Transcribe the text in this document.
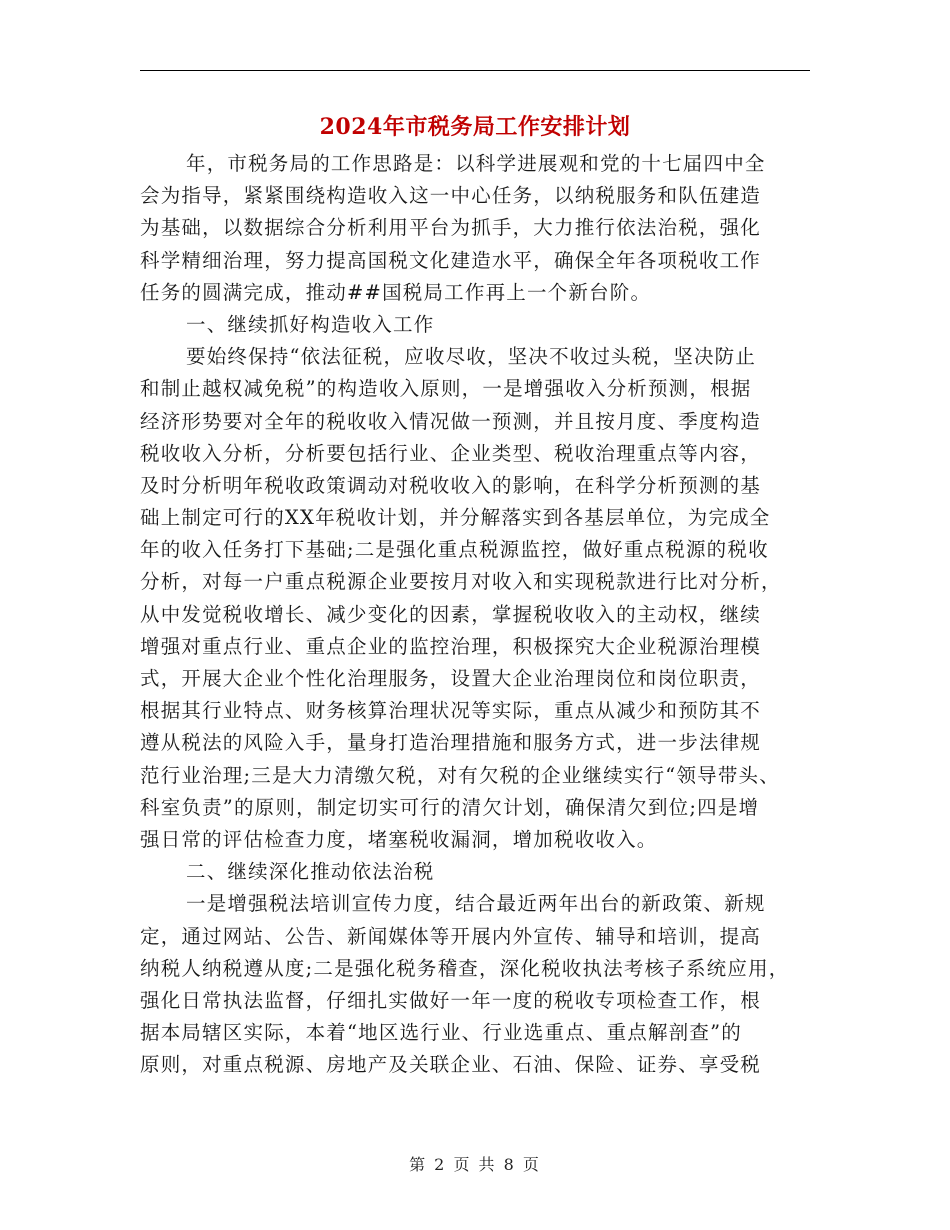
2024年市税务局工作安排计划
年，市税务局的工作思路是：以科学进展观和党的十七届四中全
会为指导，紧紧围绕构造收入这一中心任务，以纳税服务和队伍建造
为基础，以数据综合分析利用平台为抓手，大力推行依法治税，强化
科学精细治理，努力提高国税文化建造水平，确保全年各项税收工作
任务的圆满完成，推动##国税局工作再上一个新台阶。
一、继续抓好构造收入工作
要始终保持“依法征税，应收尽收，坚决不收过头税，坚决防止
和制止越权减免税”的构造收入原则，一是增强收入分析预测，根据
经济形势要对全年的税收收入情况做一预测，并且按月度、季度构造
税收收入分析，分析要包括行业、企业类型、税收治理重点等内容，
及时分析明年税收政策调动对税收收入的影响，在科学分析预测的基
础上制定可行的XX年税收计划，并分解落实到各基层单位，为完成全
年的收入任务打下基础;二是强化重点税源监控，做好重点税源的税收
分析，对每一户重点税源企业要按月对收入和实现税款进行比对分析，
从中发觉税收增长、减少变化的因素，掌握税收收入的主动权，继续
增强对重点行业、重点企业的监控治理，积极探究大企业税源治理模
式，开展大企业个性化治理服务，设置大企业治理岗位和岗位职责，
根据其行业特点、财务核算治理状况等实际，重点从减少和预防其不
遵从税法的风险入手，量身打造治理措施和服务方式，进一步法律规
范行业治理;三是大力清缴欠税，对有欠税的企业继续实行“领导带头、
科室负责”的原则，制定切实可行的清欠计划，确保清欠到位;四是增
强日常的评估检查力度，堵塞税收漏洞，增加税收收入。
二、继续深化推动依法治税
一是增强税法培训宣传力度，结合最近两年出台的新政策、新规
定，通过网站、公告、新闻媒体等开展内外宣传、辅导和培训，提高
纳税人纳税遵从度;二是强化税务稽查，深化税收执法考核子系统应用，
强化日常执法监督，仔细扎实做好一年一度的税收专项检查工作，根
据本局辖区实际，本着“地区选行业、行业选重点、重点解剖查”的
原则，对重点税源、房地产及关联企业、石油、保险、证券、享受税
第 2 页 共 8 页
